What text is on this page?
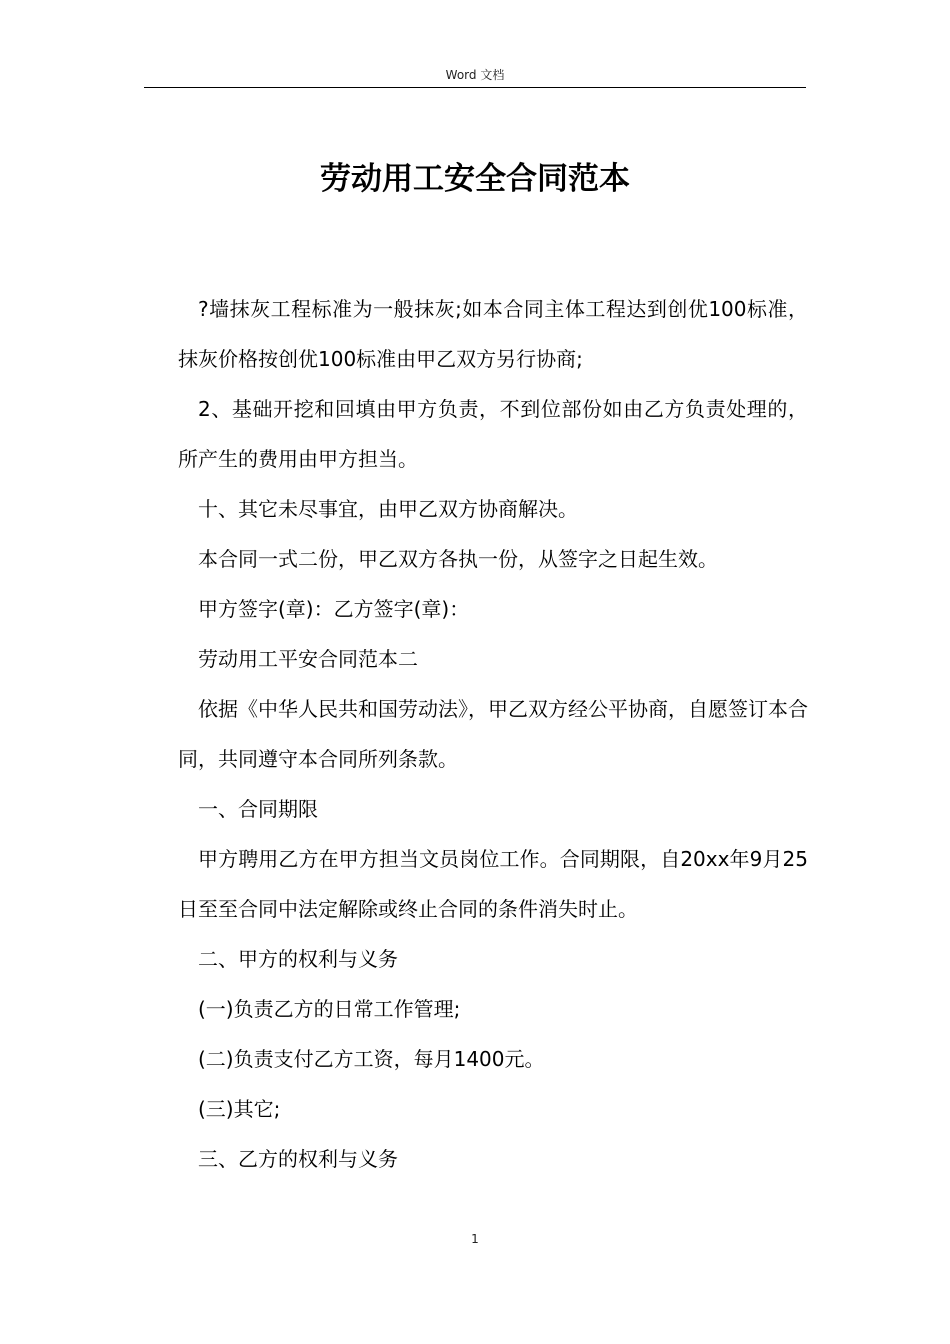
Word 文档
劳动用工安全合同范本

?墙抹灰工程标准为一般抹灰;如本合同主体工程达到创优100标准，抹灰价格按创优100标准由甲乙双方另行协商;

2、基础开挖和回填由甲方负责，不到位部份如由乙方负责处理的，所产生的费用由甲方担当。

十、其它未尽事宜，由甲乙双方协商解决。

本合同一式二份，甲乙双方各执一份，从签字之日起生效。

甲方签字(章)：乙方签字(章)：

劳动用工平安合同范本二

依据《中华人民共和国劳动法》，甲乙双方经公平协商，自愿签订本合同，共同遵守本合同所列条款。

一、合同期限

甲方聘用乙方在甲方担当文员岗位工作。合同期限，自20xx年9月25日至至合同中法定解除或终止合同的条件消失时止。

二、甲方的权利与义务

(一)负责乙方的日常工作管理;

(二)负责支付乙方工资，每月1400元。

(三)其它;

三、乙方的权利与义务

1
